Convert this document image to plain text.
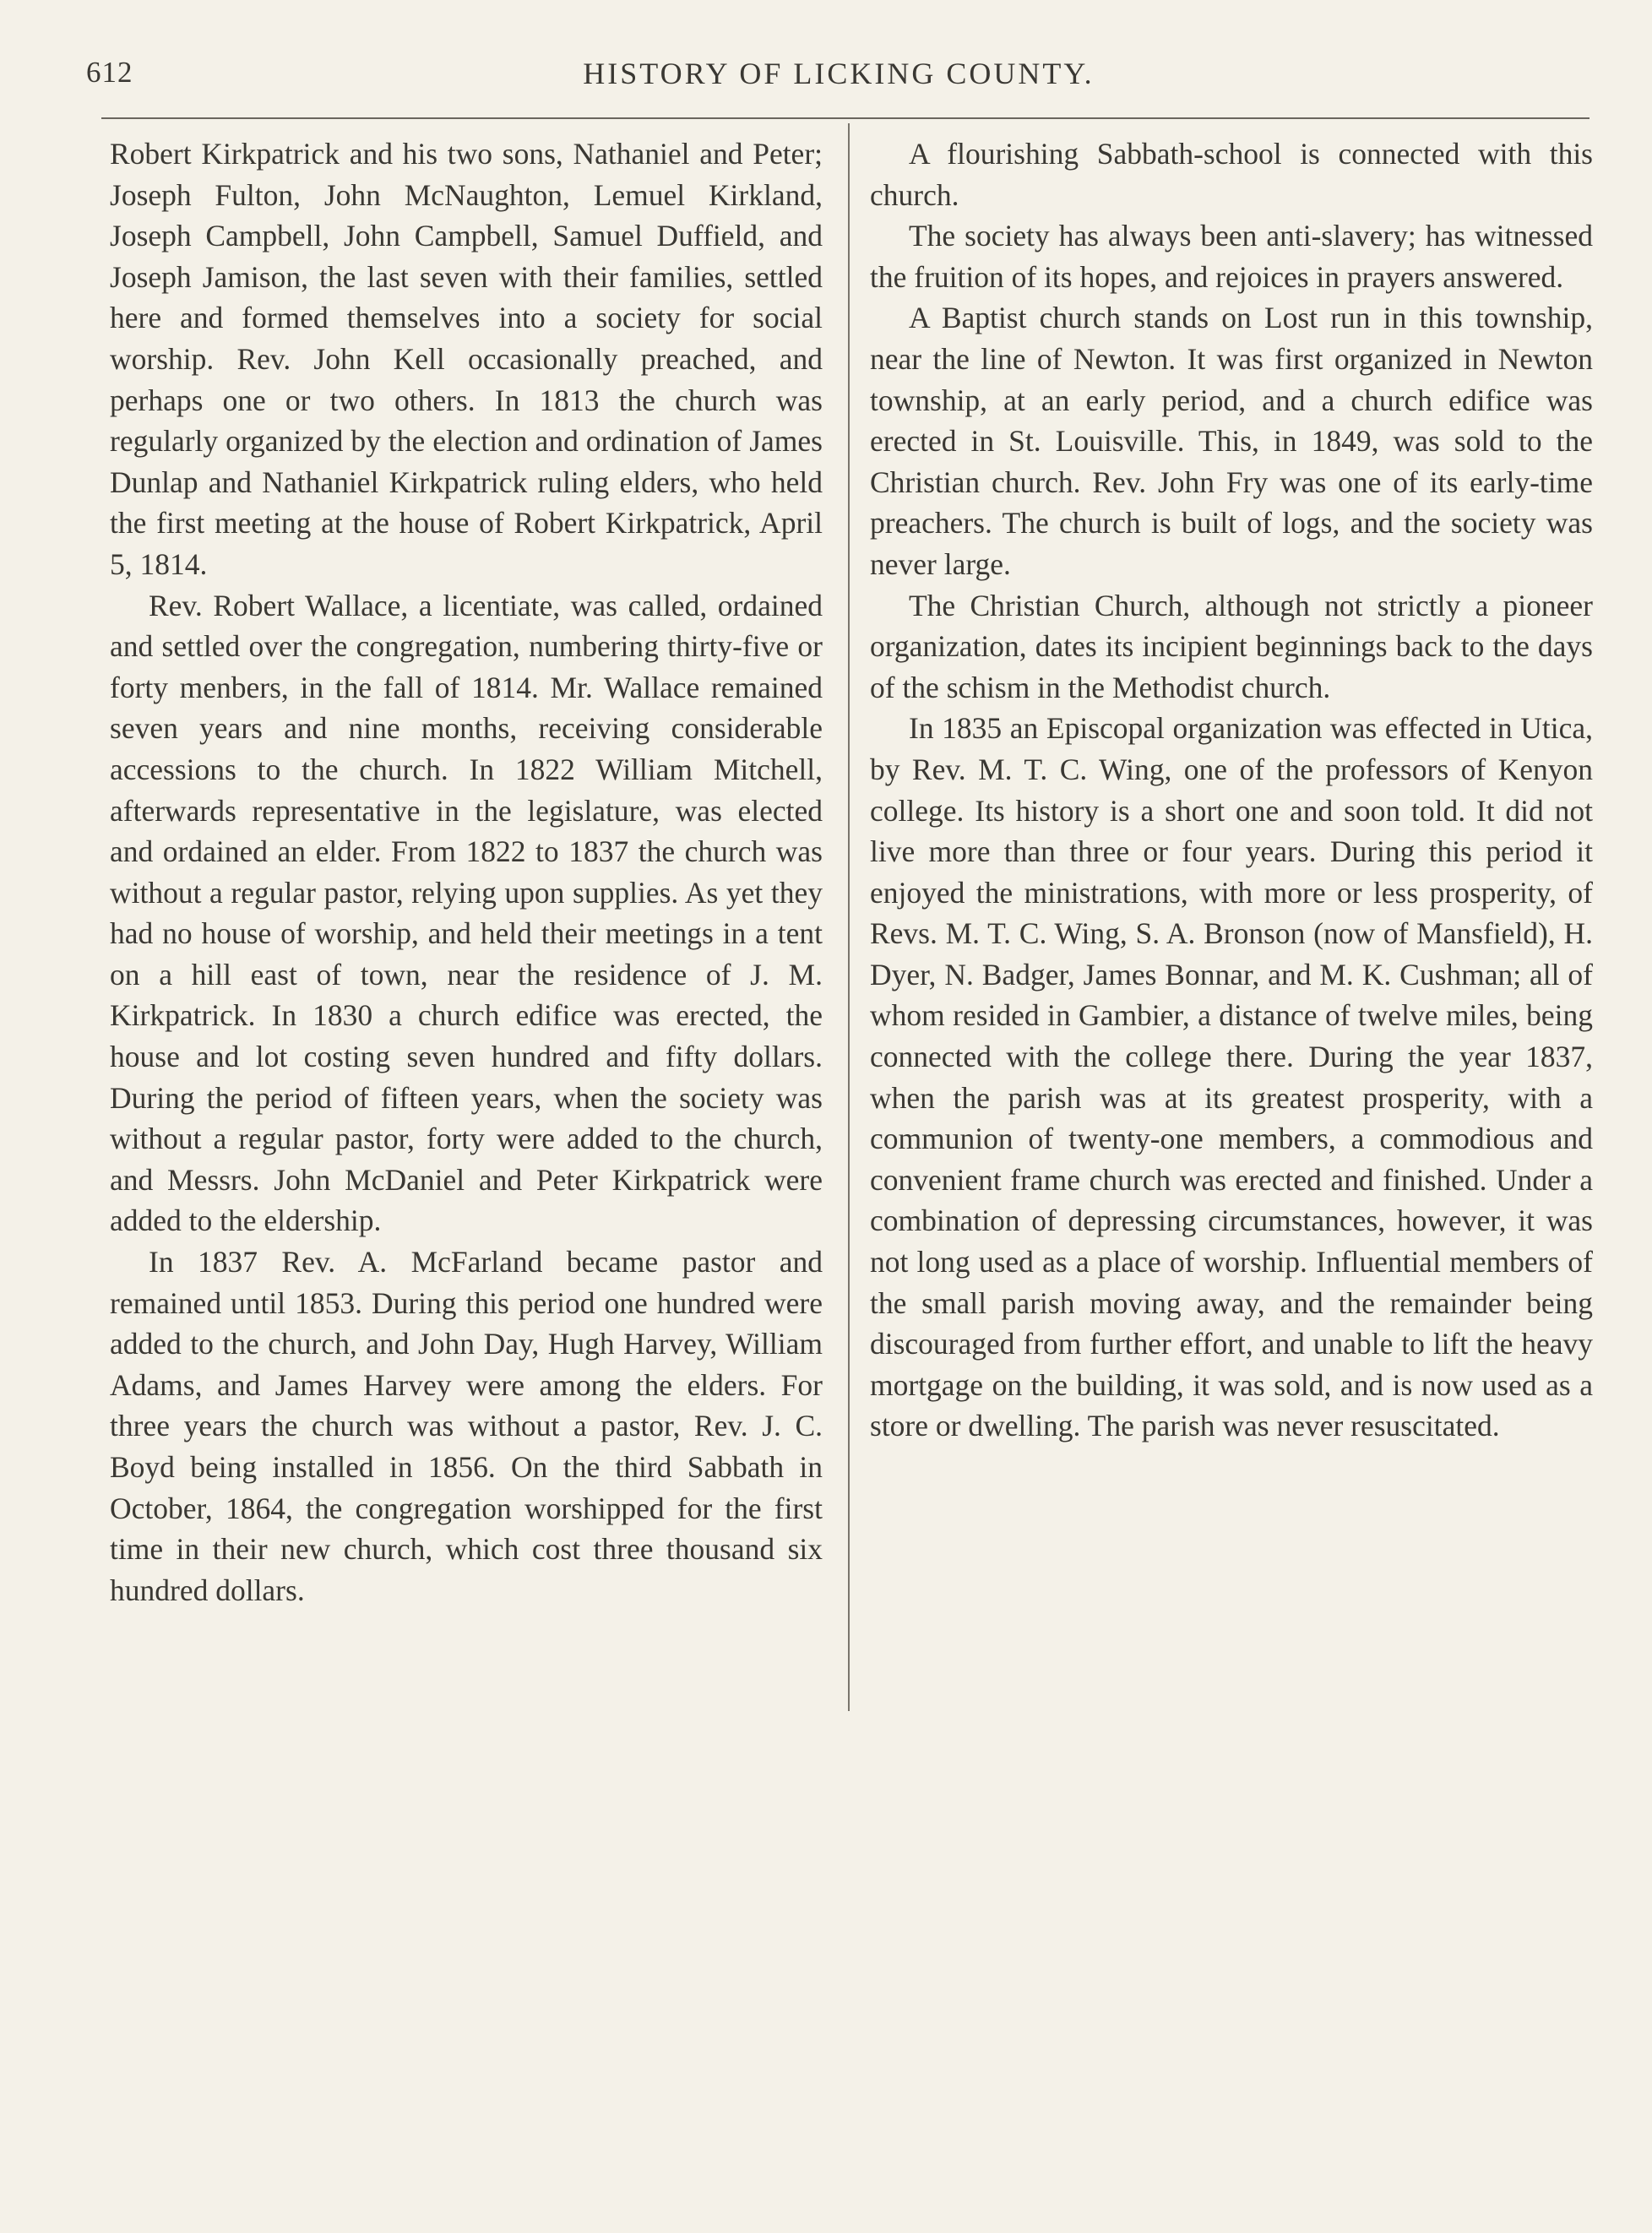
612	HISTORY OF LICKING COUNTY.

Robert Kirkpatrick and his two sons, Nathaniel and Peter; Joseph Fulton, John McNaughton, Lemuel Kirkland, Joseph Campbell, John Campbell, Samuel Duffield, and Joseph Jamison, the last seven with their families, settled here and formed themselves into a society for social worship. Rev. John Kell occasionally preached, and perhaps one or two others. In 1813 the church was regularly organized by the election and ordination of James Dunlap and Nathaniel Kirkpatrick ruling elders, who held the first meeting at the house of Robert Kirkpatrick, April 5, 1814.

Rev. Robert Wallace, a licentiate, was called, ordained and settled over the congregation, numbering thirty-five or forty menbers, in the fall of 1814. Mr. Wallace remained seven years and nine months, receiving considerable accessions to the church. In 1822 William Mitchell, afterwards representative in the legislature, was elected and ordained an elder. From 1822 to 1837 the church was without a regular pastor, relying upon supplies. As yet they had no house of worship, and held their meetings in a tent on a hill east of town, near the residence of J. M. Kirkpatrick. In 1830 a church edifice was erected, the house and lot costing seven hundred and fifty dollars. During the period of fifteen years, when the society was without a regular pastor, forty were added to the church, and Messrs. John McDaniel and Peter Kirkpatrick were added to the eldership.

In 1837 Rev. A. McFarland became pastor and remained until 1853. During this period one hundred were added to the church, and John Day, Hugh Harvey, William Adams, and James Harvey were among the elders. For three years the church was without a pastor, Rev. J. C. Boyd being installed in 1856. On the third Sabbath in October, 1864, the congregation worshipped for the first time in their new church, which cost three thousand six hundred dollars.

A flourishing Sabbath-school is connected with this church.

The society has always been anti-slavery; has witnessed the fruition of its hopes, and rejoices in prayers answered.

A Baptist church stands on Lost run in this township, near the line of Newton. It was first organized in Newton township, at an early period, and a church edifice was erected in St. Louisville. This, in 1849, was sold to the Christian church. Rev. John Fry was one of its early-time preachers. The church is built of logs, and the society was never large.

The Christian Church, although not strictly a pioneer organization, dates its incipient beginnings back to the days of the schism in the Methodist church.

In 1835 an Episcopal organization was effected in Utica, by Rev. M. T. C. Wing, one of the professors of Kenyon college. Its history is a short one and soon told. It did not live more than three or four years. During this period it enjoyed the ministrations, with more or less prosperity, of Revs. M. T. C. Wing, S. A. Bronson (now of Mansfield), H. Dyer, N. Badger, James Bonnar, and M. K. Cushman; all of whom resided in Gambier, a distance of twelve miles, being connected with the college there. During the year 1837, when the parish was at its greatest prosperity, with a communion of twenty-one members, a commodious and convenient frame church was erected and finished. Under a combination of depressing circumstances, however, it was not long used as a place of worship. Influential members of the small parish moving away, and the remainder being discouraged from further effort, and unable to lift the heavy mortgage on the building, it was sold, and is now used as a store or dwelling. The parish was never resuscitated.
